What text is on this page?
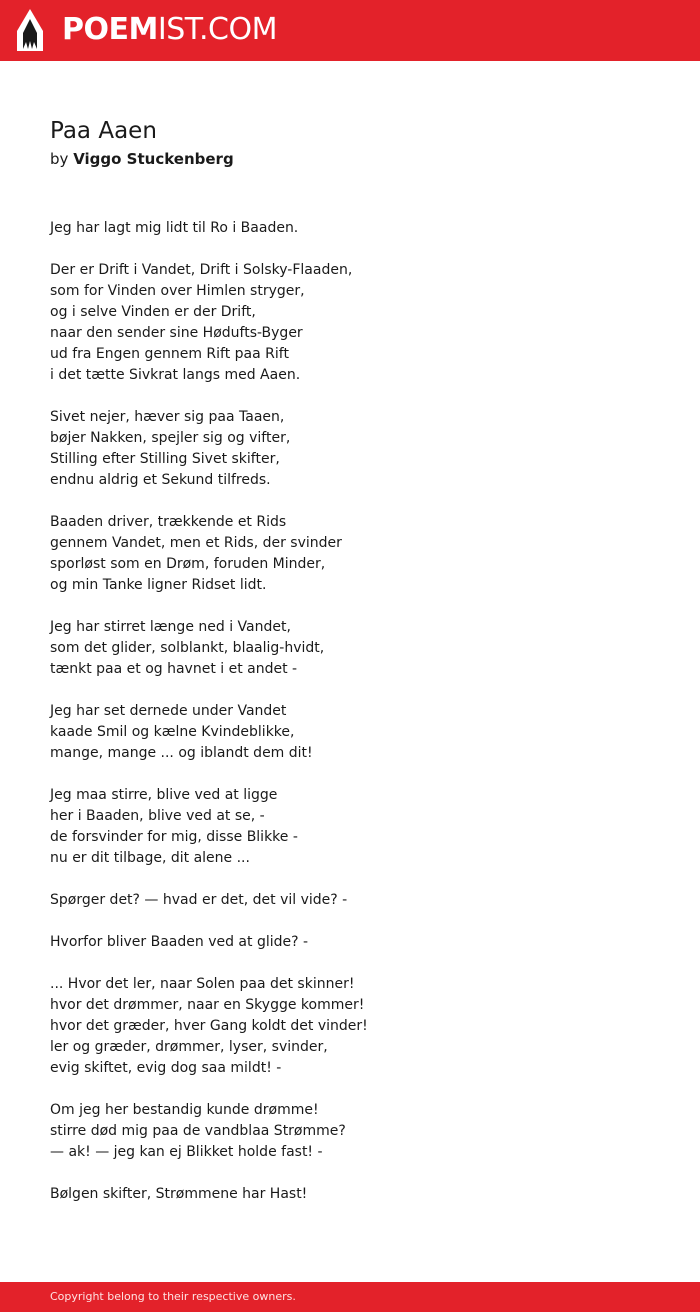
POEMIST.COM
Paa Aaen
by Viggo Stuckenberg
Jeg har lagt mig lidt til Ro i Baaden.

Der er Drift i Vandet, Drift i Solsky-Flaaden,
som for Vinden over Himlen stryger,
og i selve Vinden er der Drift,
naar den sender sine Hødufts-Byger
ud fra Engen gennem Rift paa Rift
i det tætte Sivkrat langs med Aaen.

Sivet nejer, hæver sig paa Taaen,
bøjer Nakken, spejler sig og vifter,
Stilling efter Stilling Sivet skifter,
endnu aldrig et Sekund tilfreds.

Baaden driver, trækkende et Rids
gennem Vandet, men et Rids, der svinder
sporløst som en Drøm, foruden Minder,
og min Tanke ligner Ridset lidt.

Jeg har stirret længe ned i Vandet,
som det glider, solblankt, blaalig-hvidt,
tænkt paa et og havnet i et andet -

Jeg har set dernede under Vandet
kaade Smil og kælne Kvindeblikke,
mange, mange ... og iblandt dem dit!

Jeg maa stirre, blive ved at ligge
her i Baaden, blive ved at se, -
de forsvinder for mig, disse Blikke -
nu er dit tilbage, dit alene ...

Spørger det? — hvad er det, det vil vide? -

Hvorfor bliver Baaden ved at glide? -

... Hvor det ler, naar Solen paa det skinner!
hvor det drømmer, naar en Skygge kommer!
hvor det græder, hver Gang koldt det vinder!
ler og græder, drømmer, lyser, svinder,
evig skiftet, evig dog saa mildt! -

Om jeg her bestandig kunde drømme!
stirre død mig paa de vandblaa Strømme?
— ak! — jeg kan ej Blikket holde fast! -

Bølgen skifter, Strømmene har Hast!
Copyright belong to their respective owners.
